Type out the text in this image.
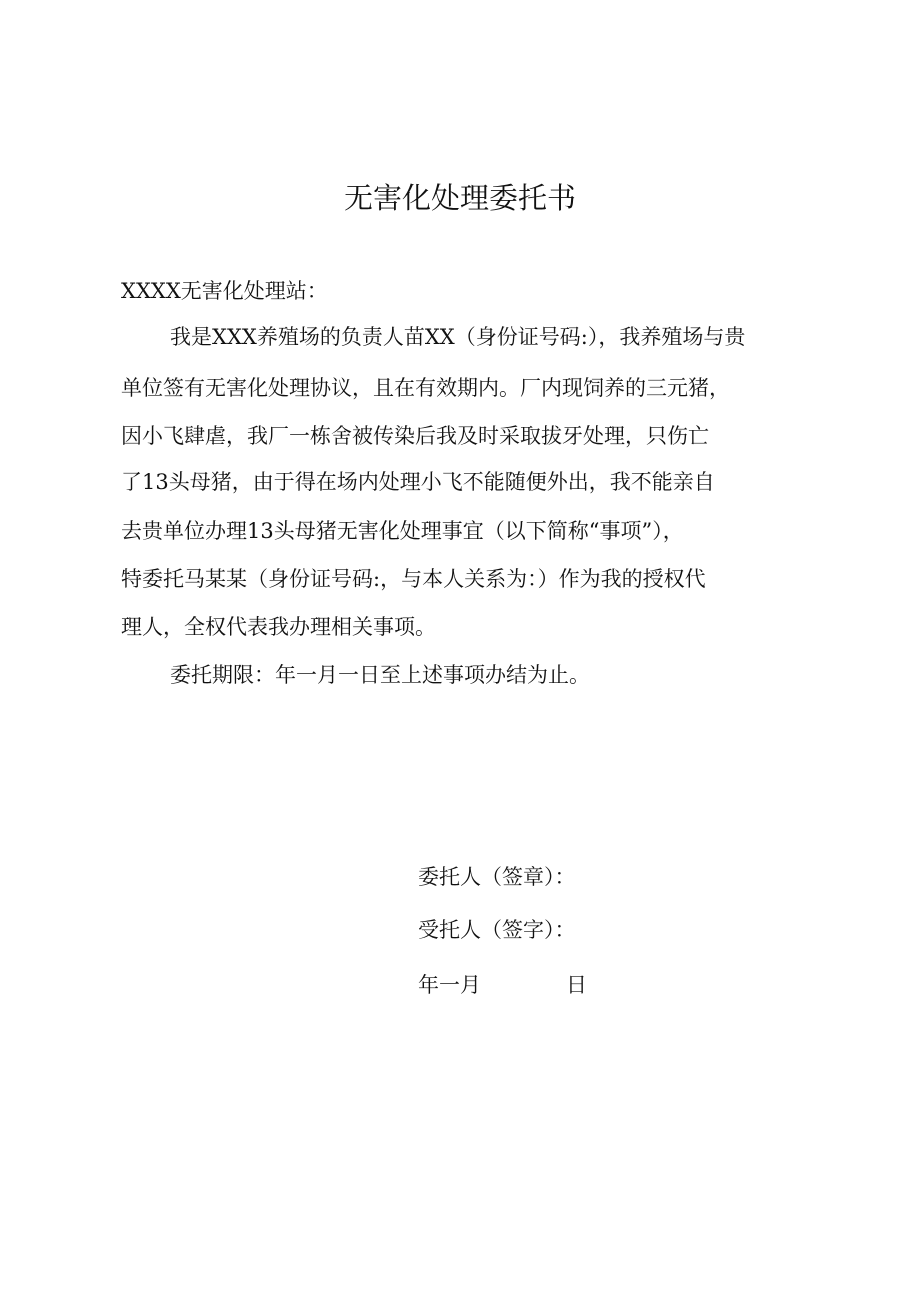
无害化处理委托书
XXXX无害化处理站：
我是XXX养殖场的负责人苗XX（身份证号码:），我养殖场与贵
单位签有无害化处理协议，且在有效期内。厂内现饲养的三元猪，
因小飞肆虐，我厂一栋舍被传染后我及时采取拔牙处理，只伤亡
了13头母猪，由于得在场内处理小飞不能随便外出，我不能亲自
去贵单位办理13头母猪无害化处理事宜（以下简称“事项”），
特委托马某某（身份证号码:，与本人关系为：）作为我的授权代
理人，全权代表我办理相关事项。
委托期限：年一月一日至上述事项办结为止。
委托人（签章）：
受托人（签字）：
年一月	日
